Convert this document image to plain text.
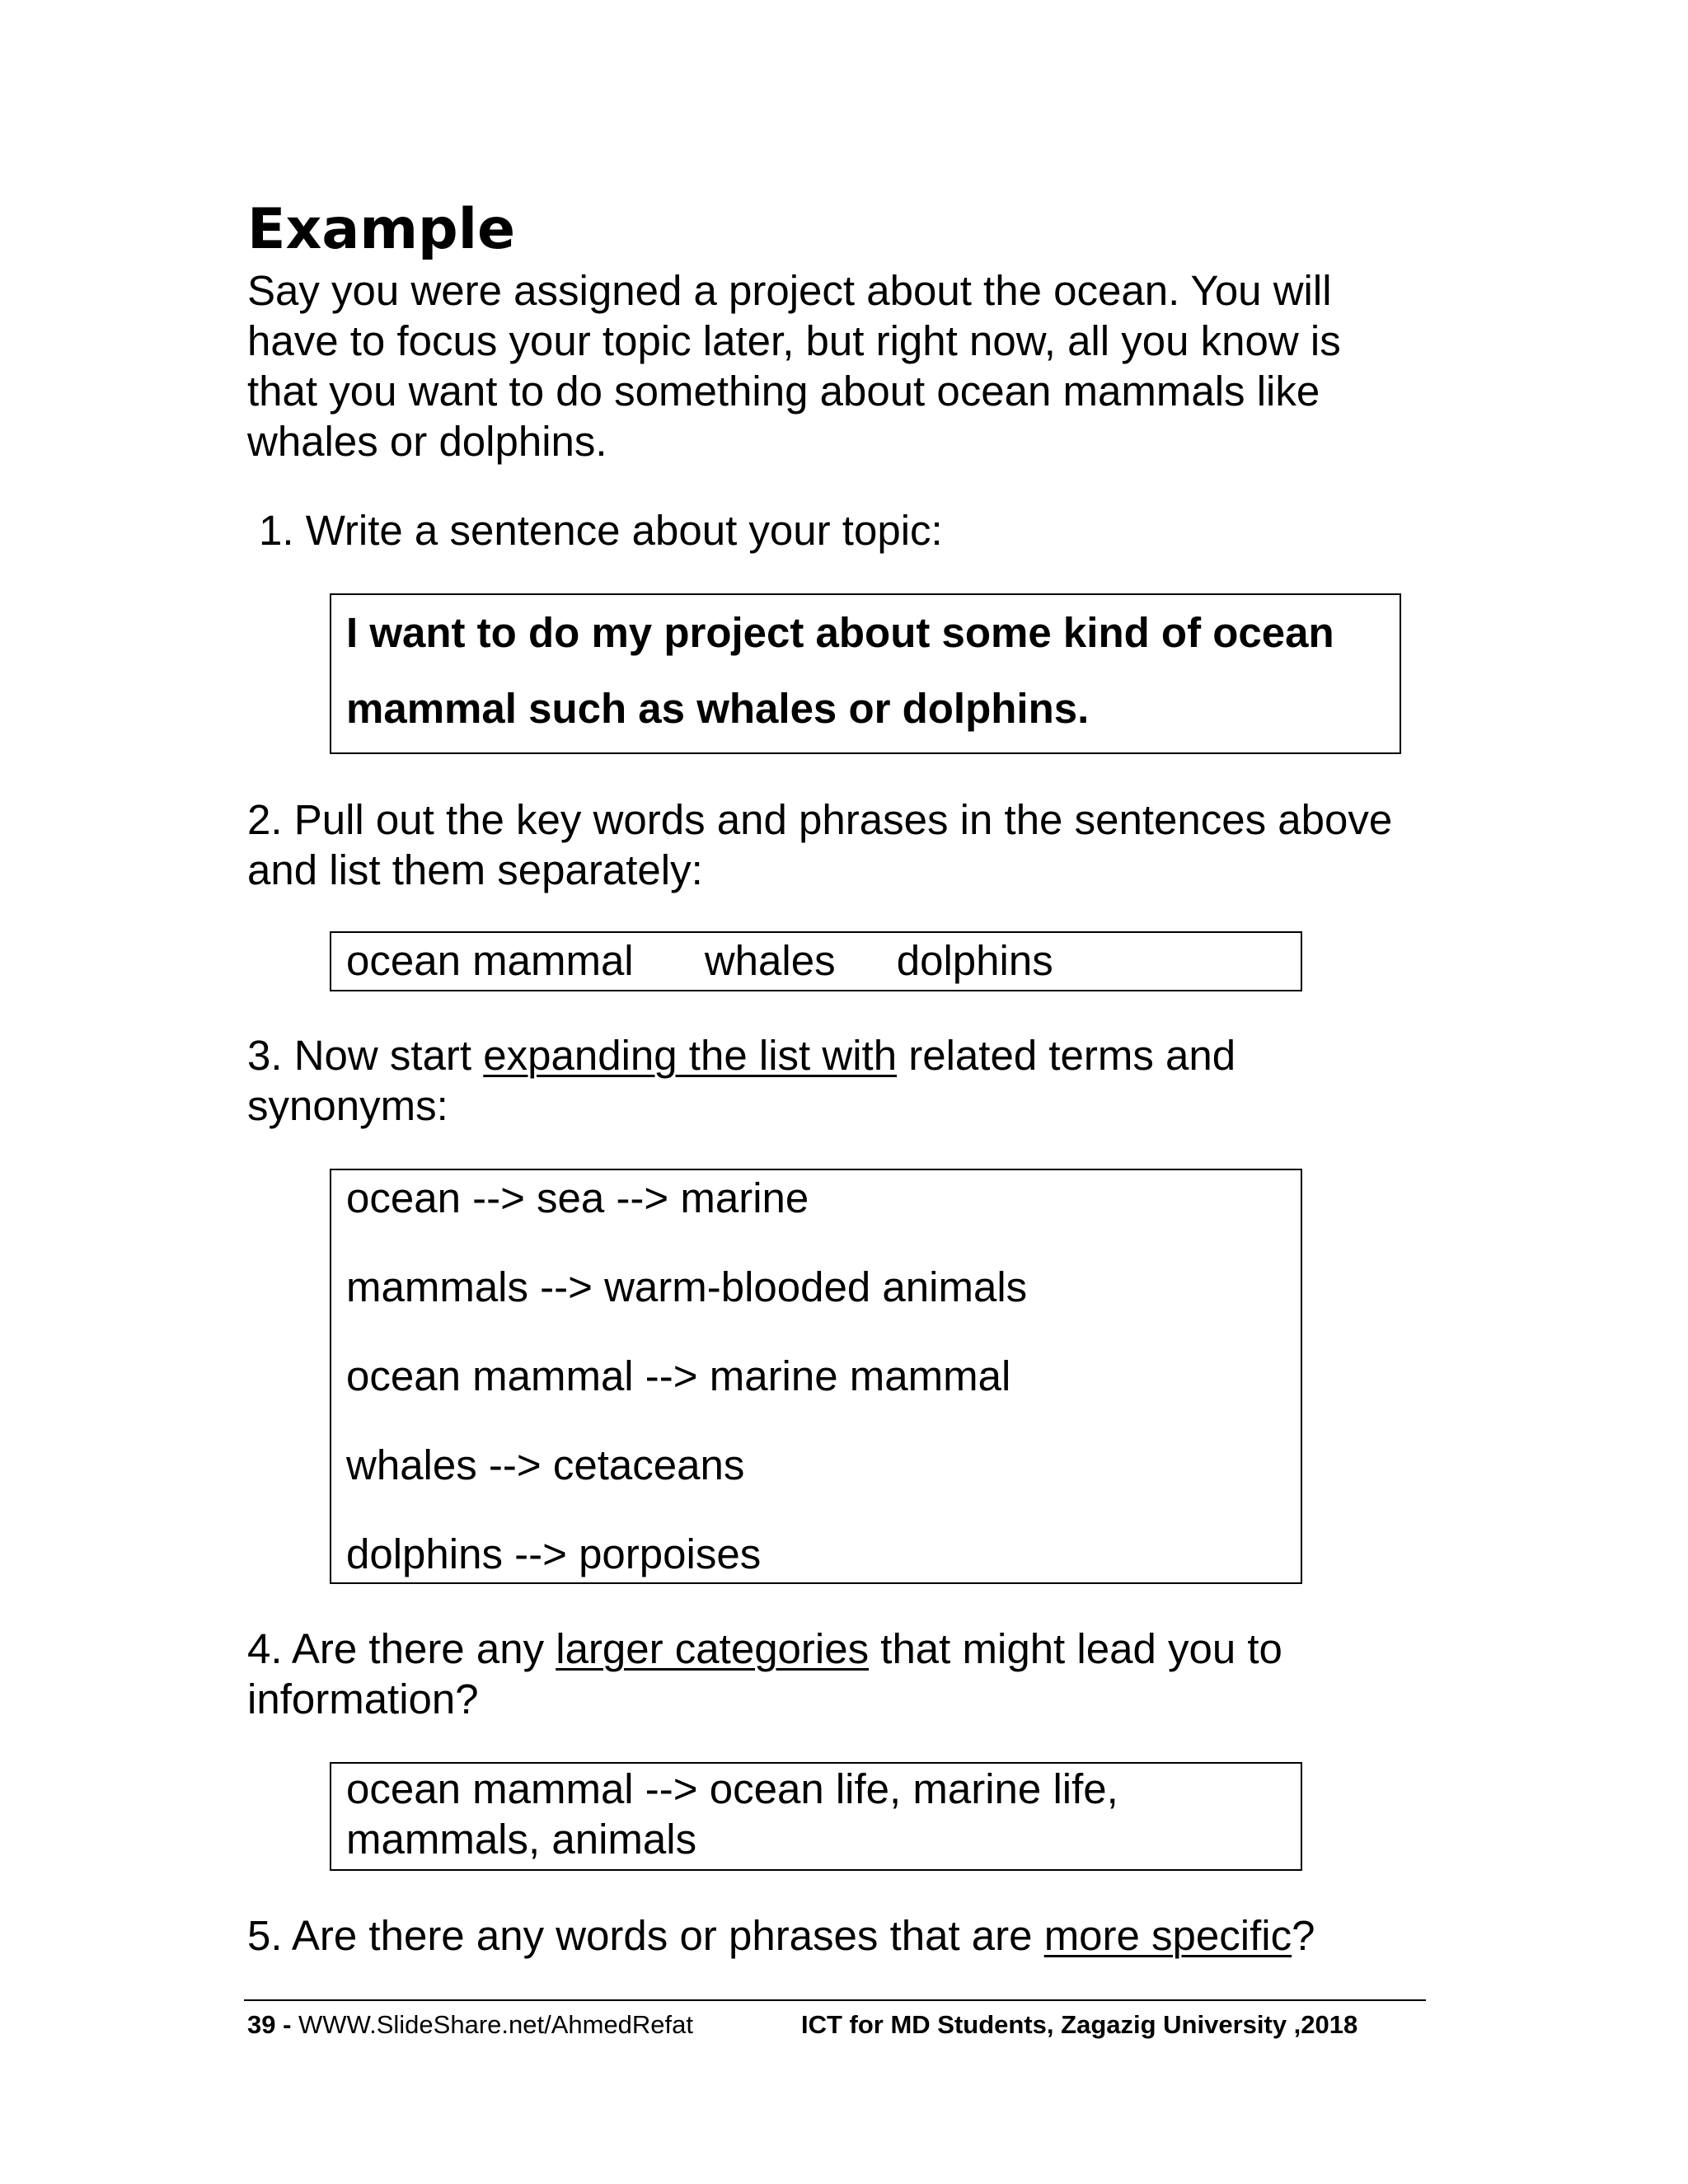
Example

Say you were assigned a project about the ocean. You will have to focus your topic later, but right now, all you know is that you want to do something about ocean mammals like whales or dolphins.

1. Write a sentence about your topic:

I want to do my project about some kind of ocean

mammal such as whales or dolphins.

2. Pull out the key words and phrases in the sentences above and list them separately:

ocean mammal whales dolphins

3. Now start expanding the list with related terms and synonyms:

ocean --> sea --> marine
mammals --> warm-blooded animals
ocean mammal --> marine mammal
whales --> cetaceans
dolphins --> porpoises

4. Are there any larger categories that might lead you to information?

ocean mammal --> ocean life, marine life, mammals, animals

5. Are there any words or phrases that are more specific?

39 - WWW.SlideShare.net/AhmedRefat	ICT for MD Students, Zagazig University ,2018
